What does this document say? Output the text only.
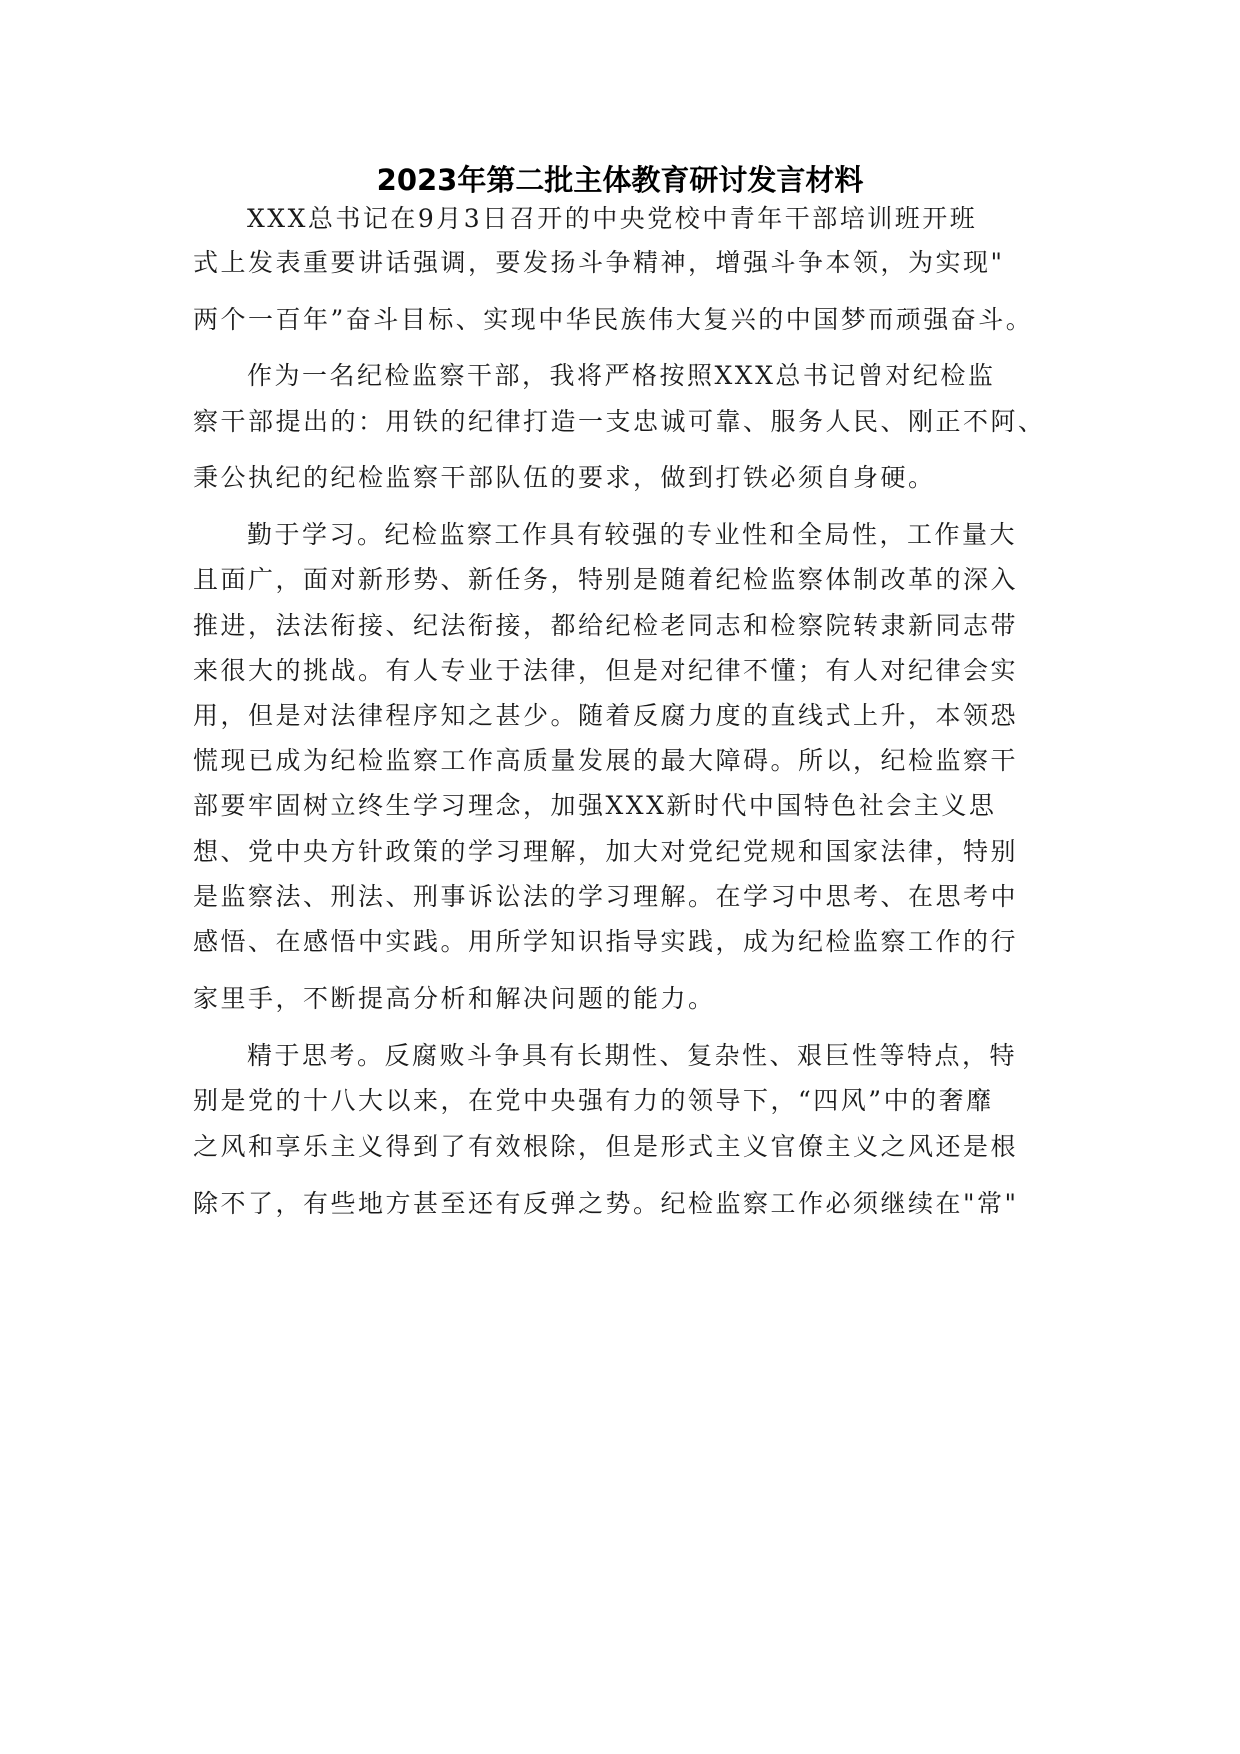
2023年第二批主体教育研讨发言材料
XXX总书记在9月3日召开的中央党校中青年干部培训班开班
式上发表重要讲话强调，要发扬斗争精神，增强斗争本领，为实现"
两个一百年”奋斗目标、实现中华民族伟大复兴的中国梦而顽强奋斗。
作为一名纪检监察干部，我将严格按照XXX总书记曾对纪检监
察干部提出的：用铁的纪律打造一支忠诚可靠、服务人民、刚正不阿、
秉公执纪的纪检监察干部队伍的要求，做到打铁必须自身硬。
勤于学习。纪检监察工作具有较强的专业性和全局性，工作量大
且面广，面对新形势、新任务，特别是随着纪检监察体制改革的深入
推进，法法衔接、纪法衔接，都给纪检老同志和检察院转隶新同志带
来很大的挑战。有人专业于法律，但是对纪律不懂；有人对纪律会实
用，但是对法律程序知之甚少。随着反腐力度的直线式上升，本领恐
慌现已成为纪检监察工作高质量发展的最大障碍。所以，纪检监察干
部要牢固树立终生学习理念，加强XXX新时代中国特色社会主义思
想、党中央方针政策的学习理解，加大对党纪党规和国家法律，特别
是监察法、刑法、刑事诉讼法的学习理解。在学习中思考、在思考中
感悟、在感悟中实践。用所学知识指导实践，成为纪检监察工作的行
家里手，不断提高分析和解决问题的能力。
精于思考。反腐败斗争具有长期性、复杂性、艰巨性等特点，特
别是党的十八大以来，在党中央强有力的领导下，“四风”中的奢靡
之风和享乐主义得到了有效根除，但是形式主义官僚主义之风还是根
除不了，有些地方甚至还有反弹之势。纪检监察工作必须继续在"常"
